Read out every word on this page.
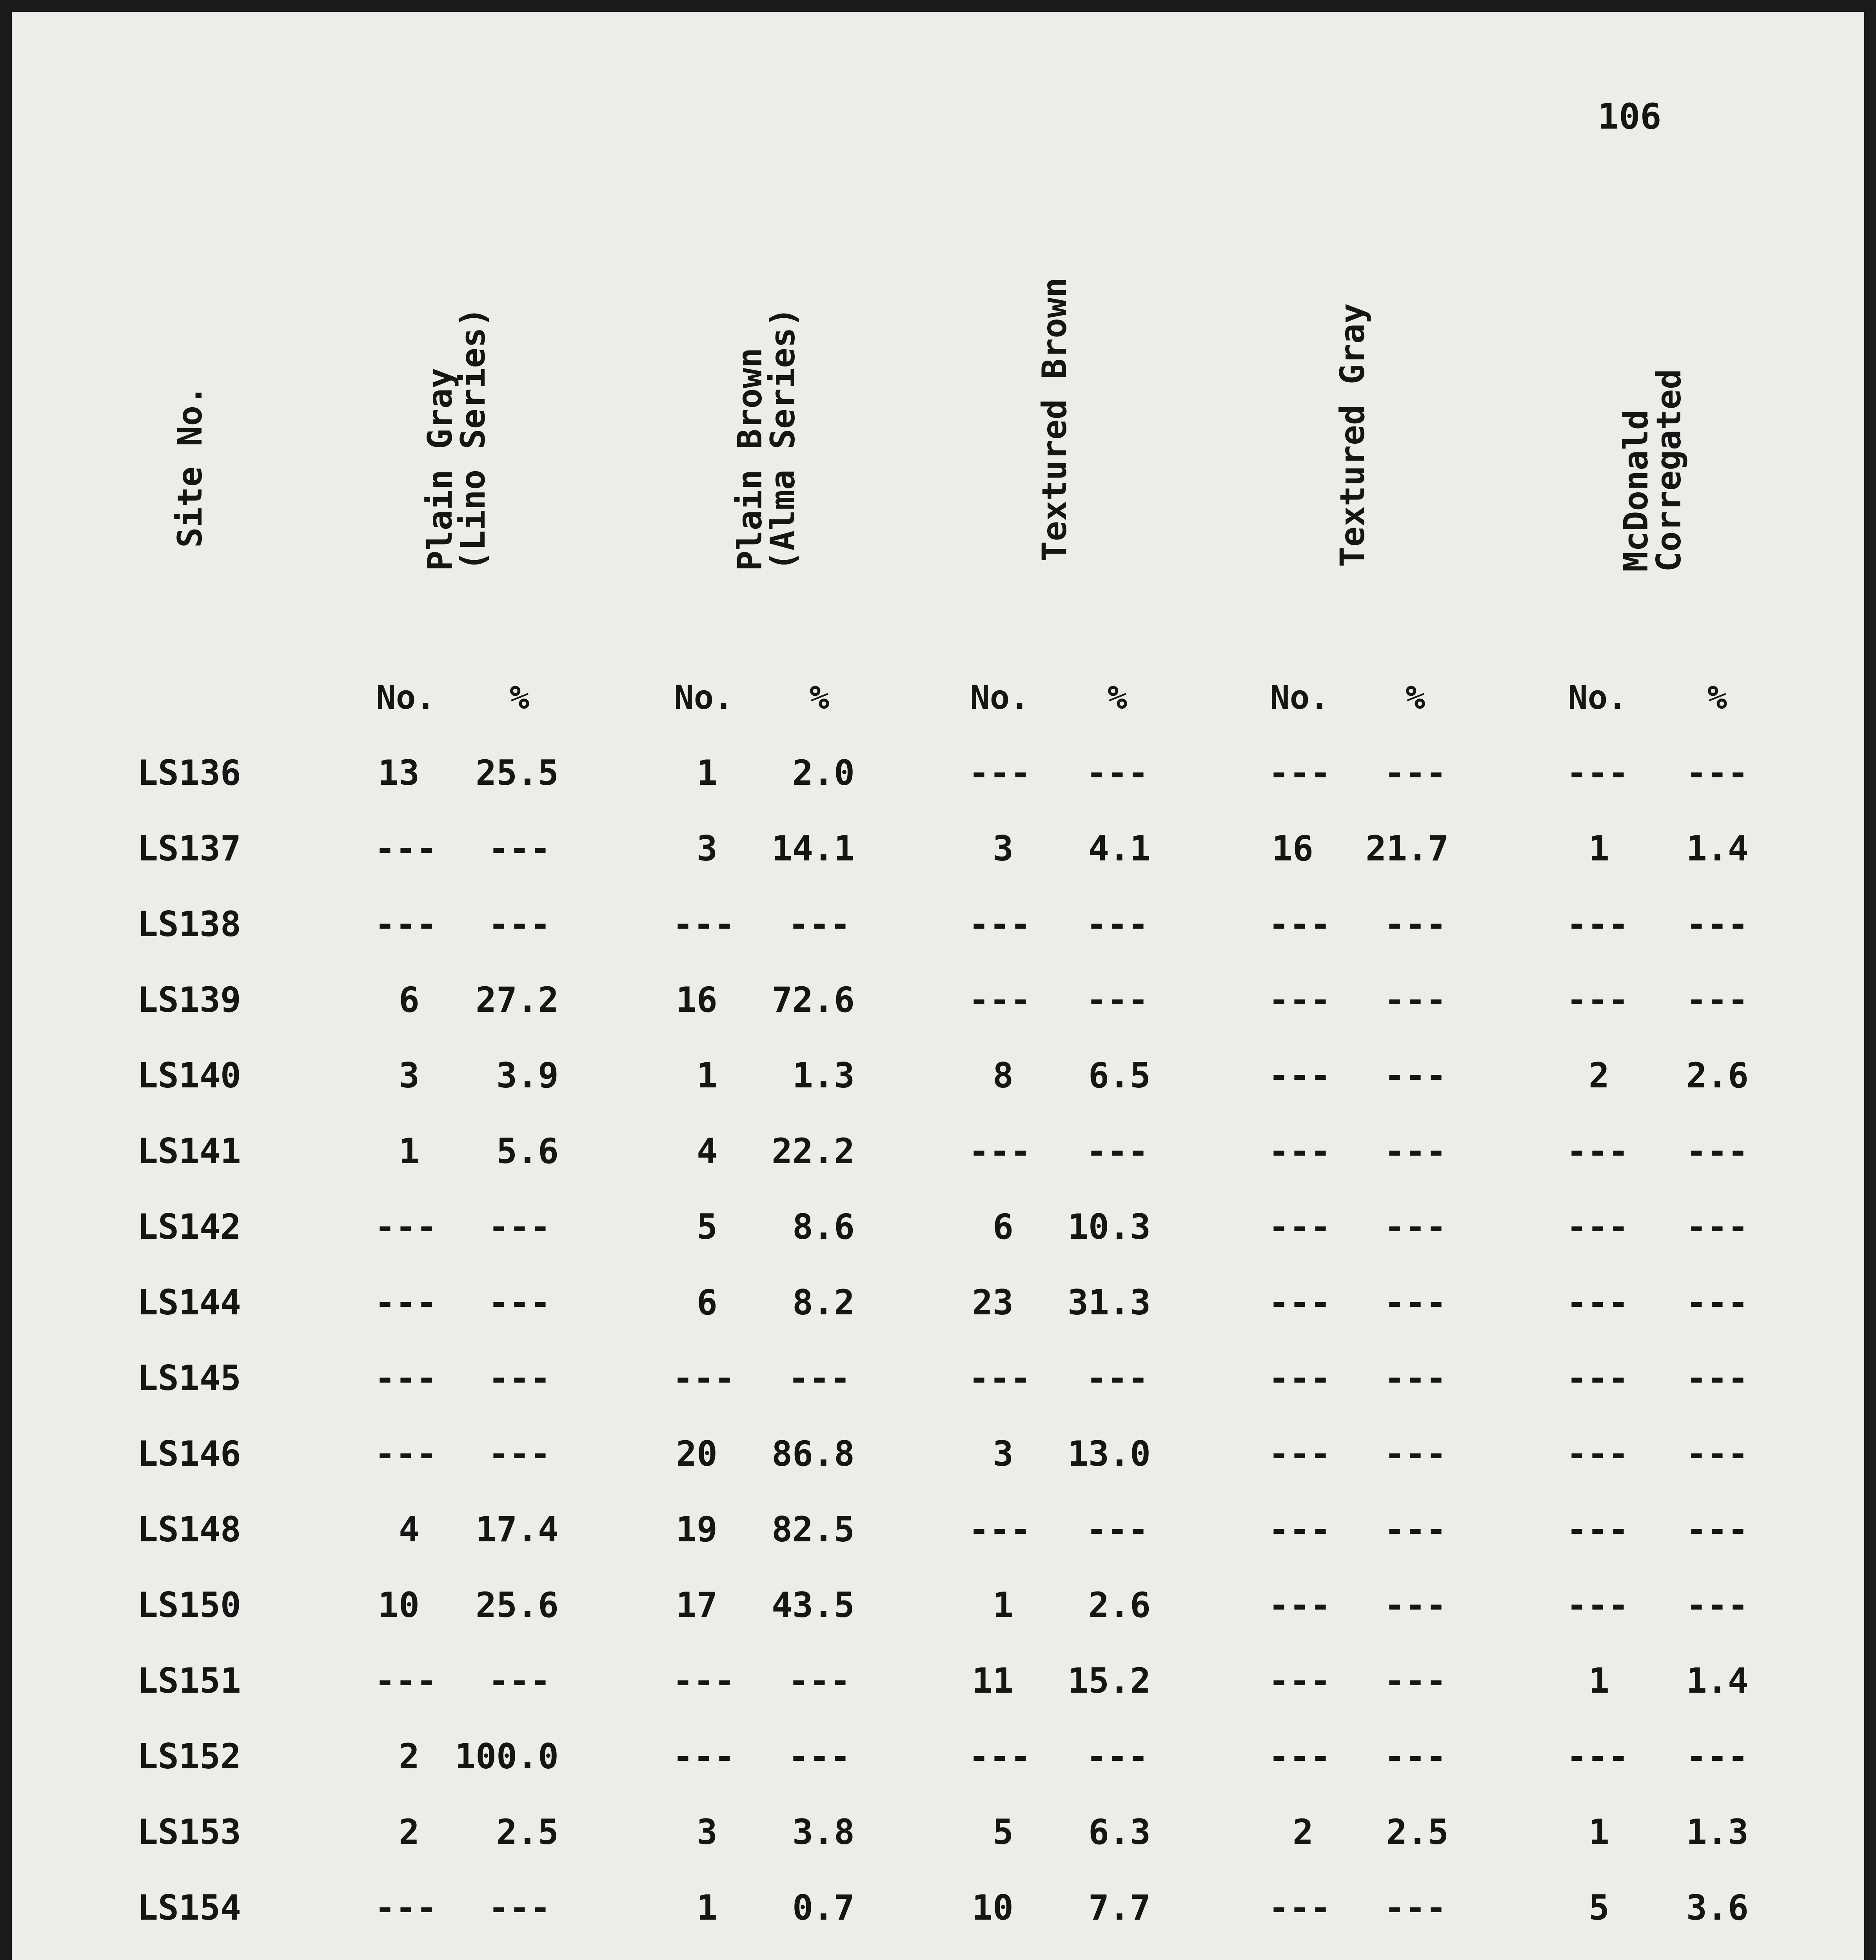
106
Site No.	Plain Gray
(Lino Series)
Plain Brown
(Alma Series)	Textured Brown	Textured Gray	McDonald
Corregated
No. %	No. %	No. %	No. %	No. %
LS136	13 25.5	1 2.0	--- ---	--- ---	--- ---
LS137	--- ---	3 14.1	3 4.1	16 21.7	1 1.4
LS138	--- ---	--- ---	--- ---	--- ---	--- ---
LS139	6 27.2	16 72.6	--- ---	--- ---	--- ---
LS140	3 3.9	1 1.3	8 6.5	--- ---	2 2.6
LS141	1 5.6	4 22.2	--- ---	--- ---	--- ---
LS142	--- ---	5 8.6	6 10.3	--- ---	--- ---
LS144	--- ---	6 8.2	23 31.3	--- ---	--- ---
LS145	--- ---	--- ---	--- ---	--- ---	--- ---
LS146	--- ---	20 86.8	3 13.0	--- ---	--- ---
LS148	4 17.4	19 82.5	--- ---	--- ---	--- ---
LS150	10 25.6	17 43.5	1 2.6	--- ---	--- ---
LS151	--- ---	--- ---	11 15.2	--- ---	1 1.4
LS152	2 100.0	--- ---	--- ---	--- ---	--- ---
LS153	2 2.5	3 3.8	5 6.3	2 2.5	1 1.3
LS154	--- ---	1 0.7	10 7.7	--- ---	5 3.6
